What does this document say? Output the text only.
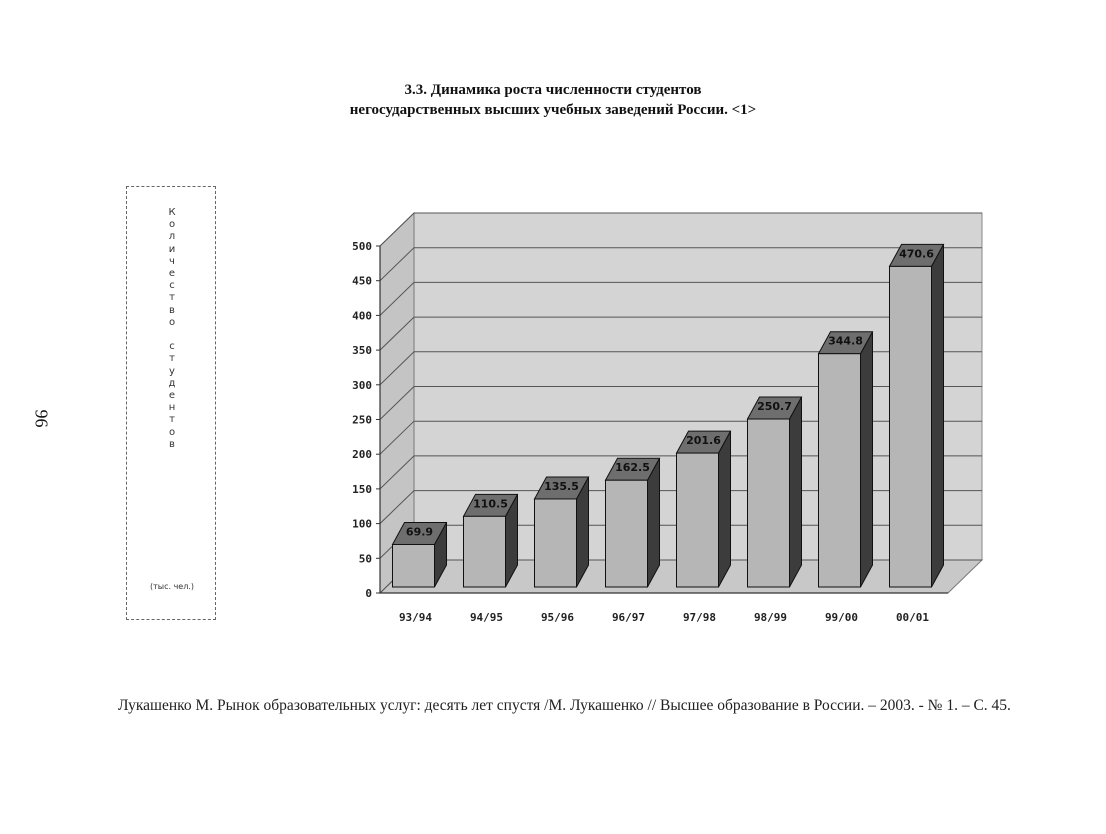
3.3. Динамика роста численности студентов
негосударственных высших учебных заведений России. <1>
96
К
о
л
и
ч
е
с
т
в
о

с
т
у
д
е
н
т
о
в
(тыс. чел.)
0
50
100
150
200
250
300
350
400
450
500
69.9
93/94
110.5
94/95
135.5
95/96
162.5
96/97
201.6
97/98
250.7
98/99
344.8
99/00
470.6
00/01
Лукашенко М. Рынок образовательных услуг: десять лет спустя /М. Лукашенко // Высшее образование в России. – 2003. - № 1. – С. 45.
